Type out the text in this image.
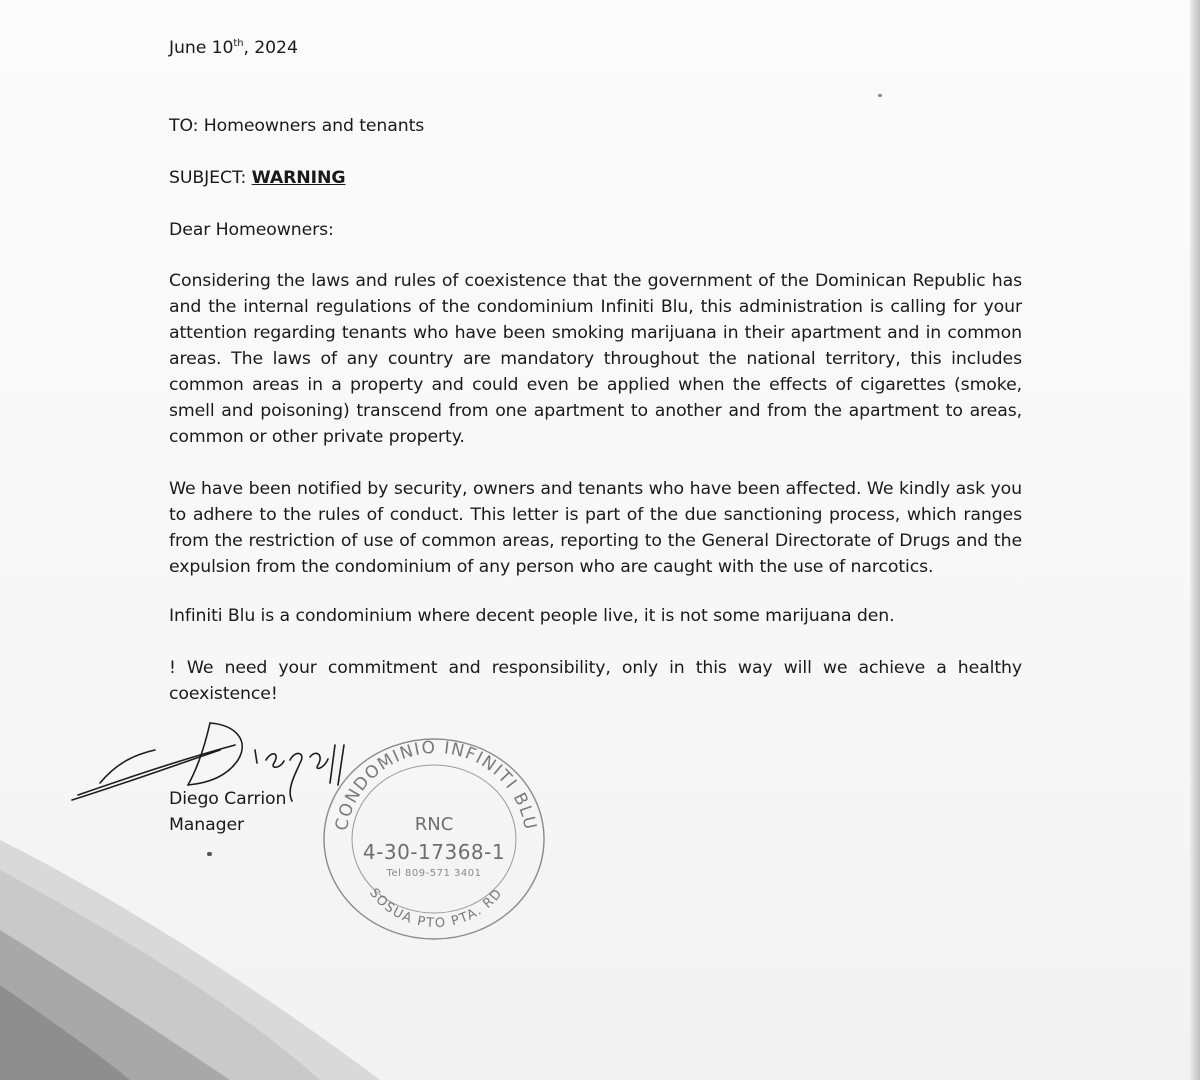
June 10th, 2024
TO: Homeowners and tenants
SUBJECT: WARNING
Dear Homeowners:
Considering the laws and rules of coexistence that the government of the Dominican Republic has and the internal regulations of the condominium Infiniti Blu, this administration is calling for your attention regarding tenants who have been smoking marijuana in their apartment and in common areas. The laws of any country are mandatory throughout the national territory, this includes common areas in a property and could even be applied when the effects of cigarettes (smoke, smell and poisoning) transcend from one apartment to another and from the apartment to areas, common or other private property.
We have been notified by security, owners and tenants who have been affected. We kindly ask you to adhere to the rules of conduct. This letter is part of the due sanctioning process, which ranges from the restriction of use of common areas, reporting to the General Directorate of Drugs and the expulsion from the condominium of any person who are caught with the use of narcotics.
Infiniti Blu is a condominium where decent people live, it is not some marijuana den.
! We need your commitment and responsibility, only in this way will we achieve a healthy coexistence!
Diego Carrion
Manager	CONDOMINIO INFINITI BLU
SOSUA PTO PTA. RD
RNC
4-30-17368-1
Tel 809-571 3401
